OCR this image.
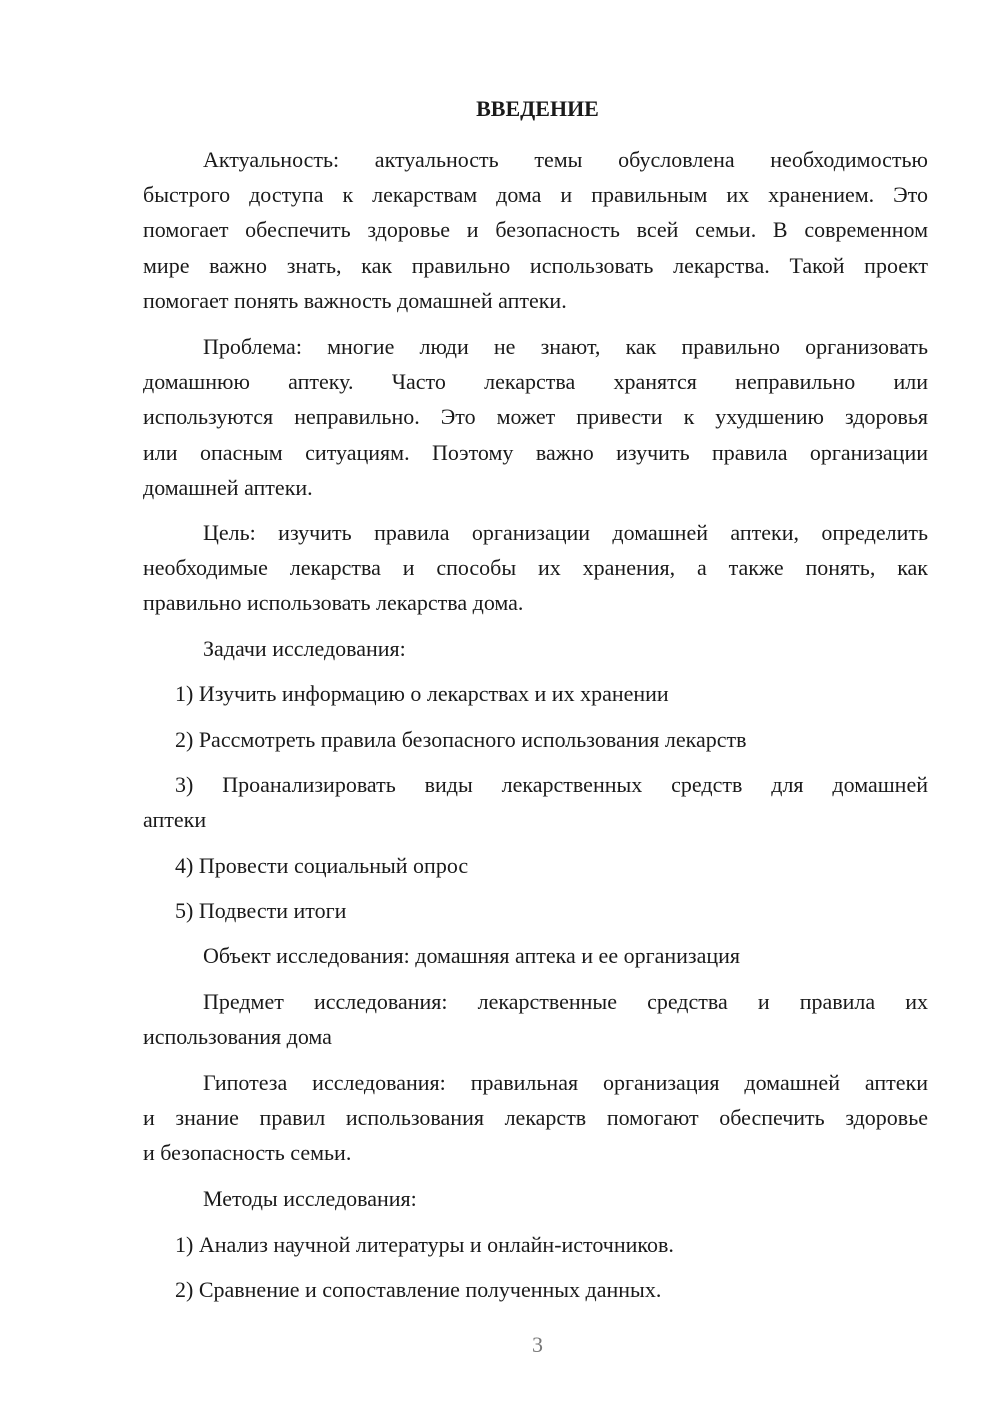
ВВЕДЕНИЕ
Актуальность: актуальность темы обусловлена необходимостью
быстрого доступа к лекарствам дома и правильным их хранением. Это
помогает обеспечить здоровье и безопасность всей семьи. В современном
мире важно знать, как правильно использовать лекарства. Такой проект
помогает понять важность домашней аптеки.
Проблема: многие люди не знают, как правильно организовать
домашнюю аптеку. Часто лекарства хранятся неправильно или
используются неправильно. Это может привести к ухудшению здоровья
или опасным ситуациям. Поэтому важно изучить правила организации
домашней аптеки.
Цель: изучить правила организации домашней аптеки, определить
необходимые лекарства и способы их хранения, а также понять, как
правильно использовать лекарства дома.
Задачи исследования:
1) Изучить информацию о лекарствах и их хранении
2) Рассмотреть правила безопасного использования лекарств
3) Проанализировать виды лекарственных средств для домашней
аптеки
4) Провести социальный опрос
5) Подвести итоги
Объект исследования: домашняя аптека и ее организация
Предмет исследования: лекарственные средства и правила их
использования дома
Гипотеза исследования: правильная организация домашней аптеки
и знание правил использования лекарств помогают обеспечить здоровье
и безопасность семьи.
Методы исследования:
1) Анализ научной литературы и онлайн-источников.
2) Сравнение и сопоставление полученных данных.
3
